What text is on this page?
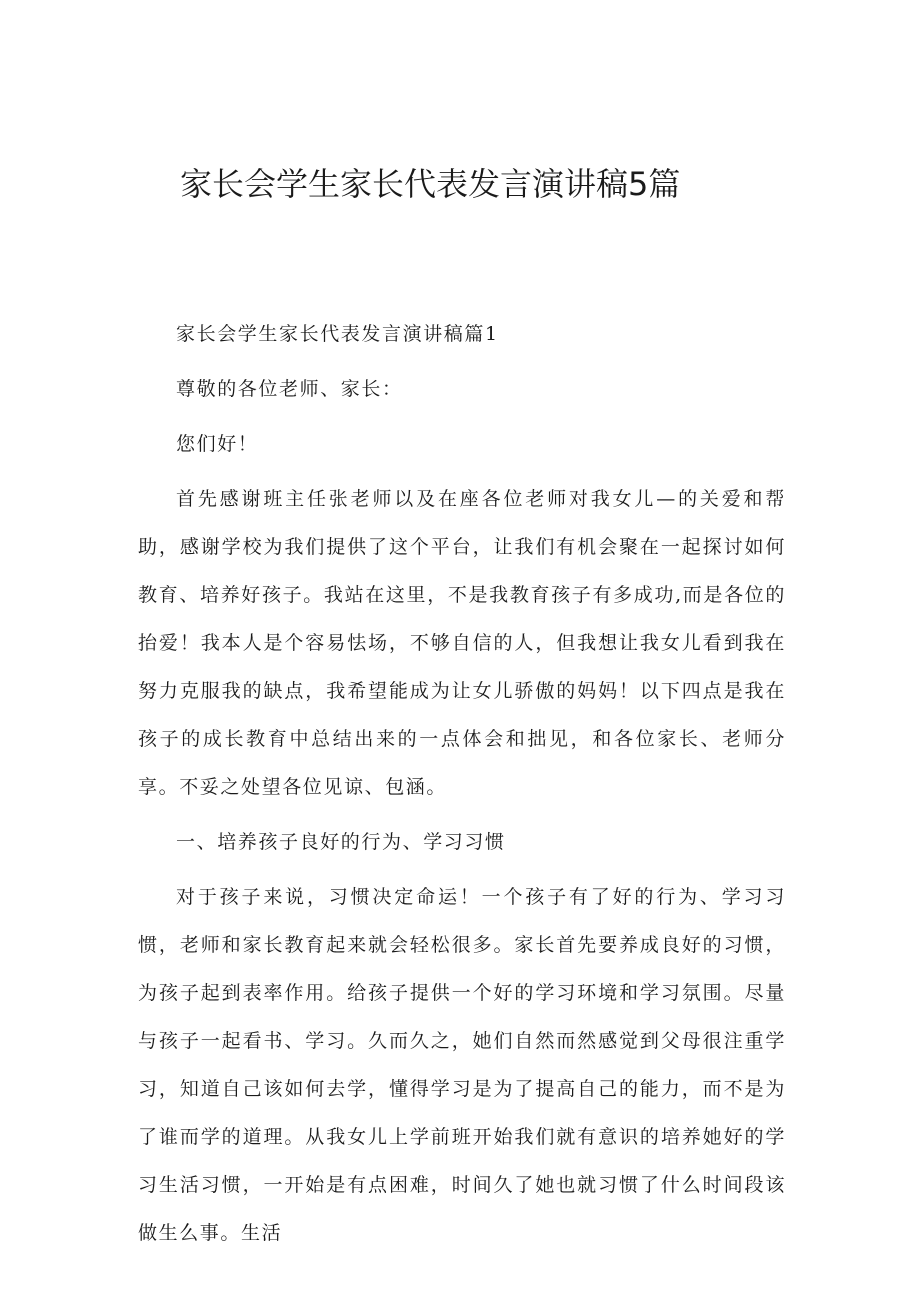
家长会学生家长代表发言演讲稿5篇

家长会学生家长代表发言演讲稿篇1

尊敬的各位老师、家长：

您们好！

首先感谢班主任张老师以及在座各位老师对我女儿—的关爱和帮助，感谢学校为我们提供了这个平台，让我们有机会聚在一起探讨如何教育、培养好孩子。我站在这里，不是我教育孩子有多成功,而是各位的抬爱！我本人是个容易怯场，不够自信的人，但我想让我女儿看到我在努力克服我的缺点，我希望能成为让女儿骄傲的妈妈！以下四点是我在孩子的成长教育中总结出来的一点体会和拙见，和各位家长、老师分享。不妥之处望各位见谅、包涵。

一、培养孩子良好的行为、学习习惯

对于孩子来说，习惯决定命运！一个孩子有了好的行为、学习习惯，老师和家长教育起来就会轻松很多。家长首先要养成良好的习惯，为孩子起到表率作用。给孩子提供一个好的学习环境和学习氛围。尽量与孩子一起看书、学习。久而久之，她们自然而然感觉到父母很注重学习，知道自己该如何去学，懂得学习是为了提高自己的能力，而不是为了谁而学的道理。从我女儿上学前班开始我们就有意识的培养她好的学习生活习惯，一开始是有点困难，时间久了她也就习惯了什么时间段该做生么事。生活
